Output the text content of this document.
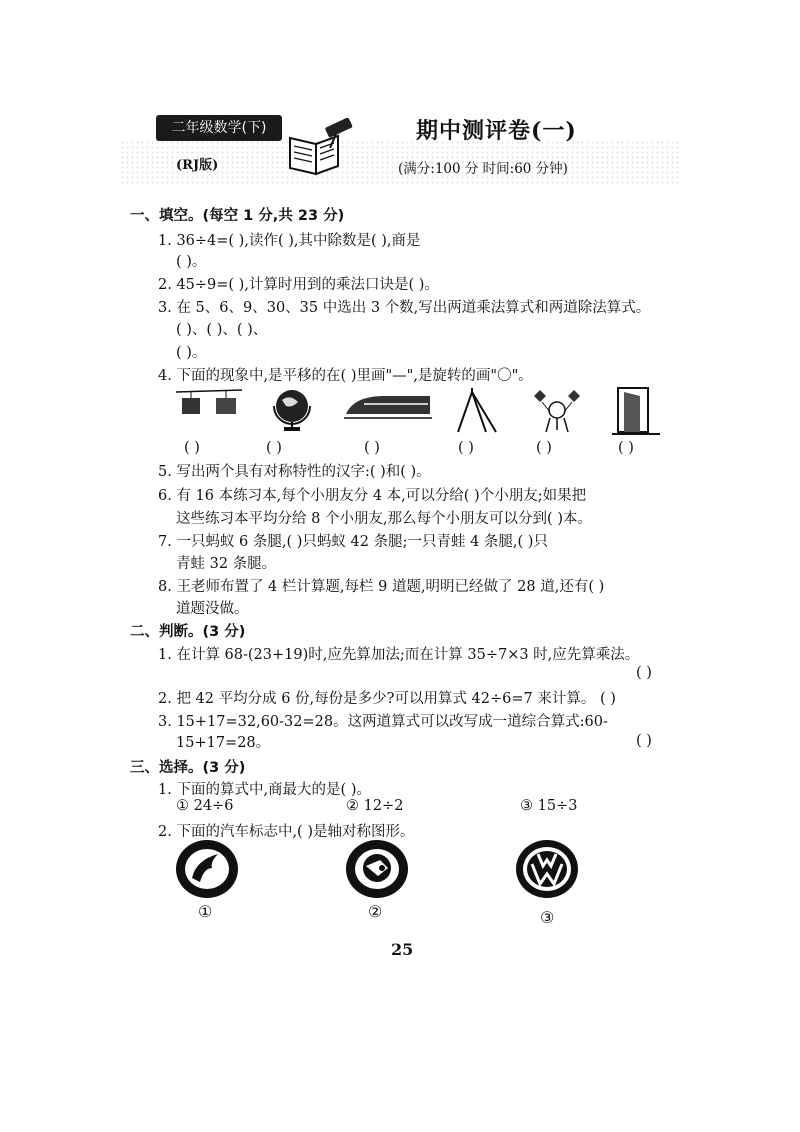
二年级数学(下)
(RJ版)
期中测评卷(一)
(满分:100 分 时间:60 分钟)
一、填空。(每空 1 分,共 23 分)
1. 36÷4=( ),读作( ),其中除数是( ),商是
( )。
2. 45÷9=( ),计算时用到的乘法口诀是( )。
3. 在 5、6、9、30、35 中选出 3 个数,写出两道乘法算式和两道除法算式。
( )、( )、( )、
( )。
4. 下面的现象中,是平移的在( )里画"—",是旋转的画"〇"。
( )	( )	( )	( )	( )	( )
5. 写出两个具有对称特性的汉字:( )和( )。
6. 有 16 本练习本,每个小朋友分 4 本,可以分给( )个小朋友;如果把
这些练习本平均分给 8 个小朋友,那么每个小朋友可以分到( )本。
7. 一只蚂蚁 6 条腿,( )只蚂蚁 42 条腿;一只青蛙 4 条腿,( )只
青蛙 32 条腿。
8. 王老师布置了 4 栏计算题,每栏 9 道题,明明已经做了 28 道,还有( )
道题没做。
二、判断。(3 分)
1. 在计算 68-(23+19)时,应先算加法;而在计算 35÷7×3 时,应先算乘法。
( )
2. 把 42 平均分成 6 份,每份是多少?可以用算式 42÷6=7 来计算。 ( )
3. 15+17=32,60-32=28。这两道算式可以改写成一道综合算式:60-
15+17=28。	( )
三、选择。(3 分)
1. 下面的算式中,商最大的是( )。
① 24÷6	② 12÷2	③ 15÷3
2. 下面的汽车标志中,( )是轴对称图形。
①	②	③
25
